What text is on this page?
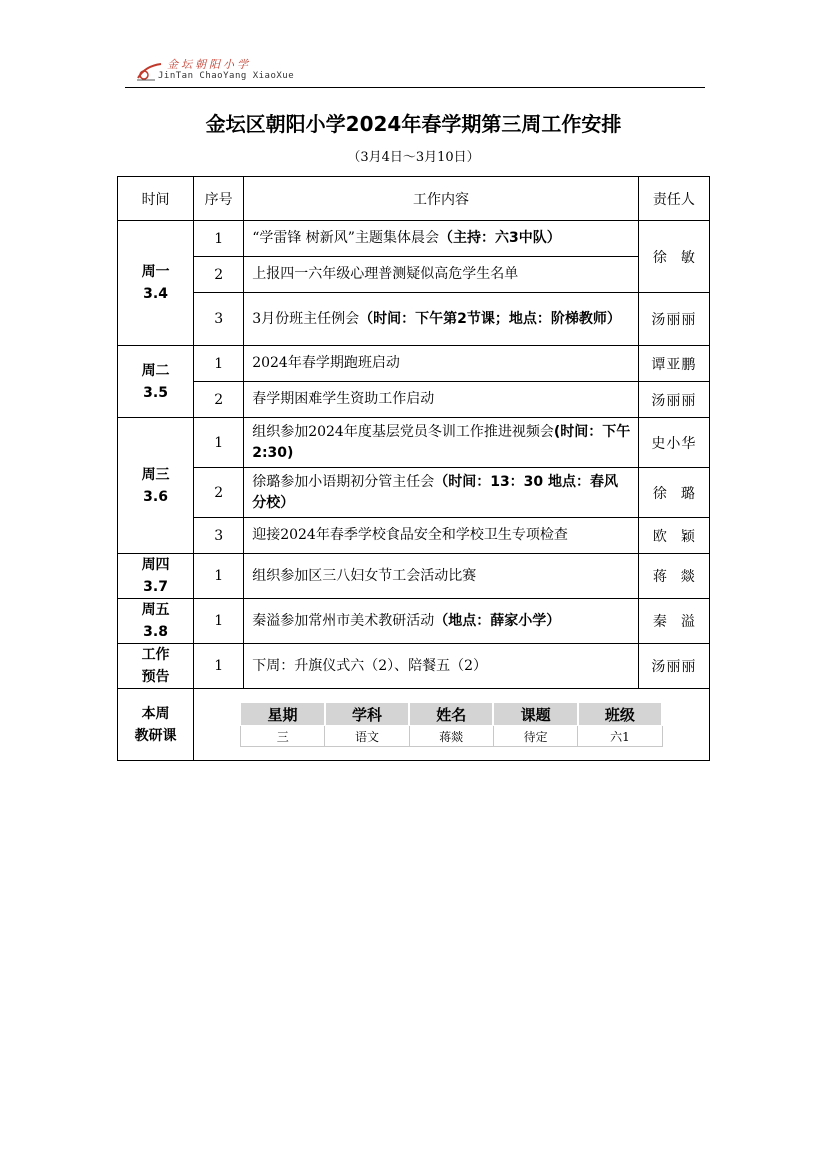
金坛朝阳小学
JinTan ChaoYang XiaoXue
金坛区朝阳小学2024年春学期第三周工作安排
（3月4日～3月10日）
时间	序号	工作内容	责任人

周一
3.4
	1	“学雷锋 树新风”主题集体晨会（主持：六3中队）	徐敏
2	上报四一六年级心理普测疑似高危学生名单
3	3月份班主任例会（时间：下午第2节课；地点：阶梯教师）	汤丽丽

周二
3.5
	1	2024年春学期跑班启动	谭亚鹏
2	春学期困难学生资助工作启动	汤丽丽

周三
3.6
	1	组织参加2024年度基层党员冬训工作推进视频会(时间：下午2:30)	史小华
2	徐璐参加小语期初分管主任会（时间：13：30 地点：春风分校）	徐璐
3	迎接2024年春季学校食品安全和学校卫生专项检查	欧颖

周四
3.7
	1	组织参加区三八妇女节工会活动比赛	蒋燚

周五
3.8
	1	秦溢参加常州市美术教研活动（地点：薛家小学）	秦溢

工作
预告
	1	下周：升旗仪式六（2）、陪餐五（2）	汤丽丽

本周
教研课

星期	学科	姓名	课题	班级
三	语文	蒋燚	待定	六1
